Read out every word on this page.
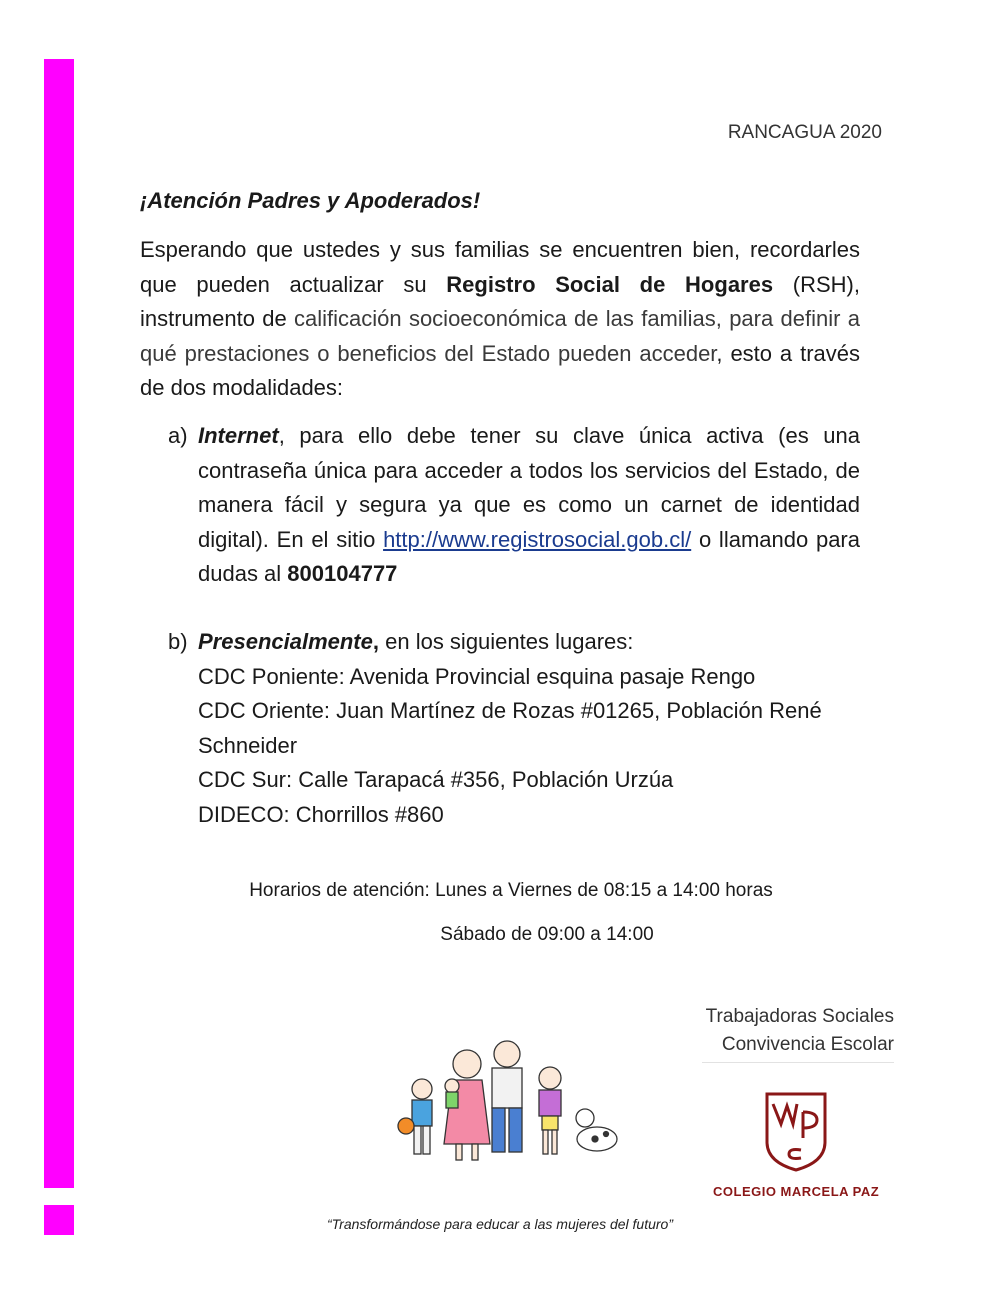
RANCAGUA 2020
¡Atención Padres y Apoderados!
Esperando que ustedes y sus familias se encuentren bien, recordarles que pueden actualizar su Registro Social de Hogares (RSH), instrumento de calificación socioeconómica de las familias, para definir a qué prestaciones o beneficios del Estado pueden acceder, esto a través de dos modalidades:
a) Internet, para ello debe tener su clave única activa (es una contraseña única para acceder a todos los servicios del Estado, de manera fácil y segura ya que es como un carnet de identidad digital). En el sitio http://www.registrosocial.gob.cl/ o llamando para dudas al 800104777
b) Presencialmente, en los siguientes lugares:
CDC Poniente: Avenida Provincial esquina pasaje Rengo
CDC Oriente: Juan Martínez de Rozas #01265, Población René Schneider
CDC Sur: Calle Tarapacá #356, Población Urzúa
DIDECO: Chorrillos #860
Horarios de atención: Lunes a Viernes de 08:15 a 14:00 horas
Sábado de 09:00 a 14:00
Trabajadoras Sociales
Convivencia Escolar
COLEGIO MARCELA PAZ
“Transformándose para educar a las mujeres del futuro”
